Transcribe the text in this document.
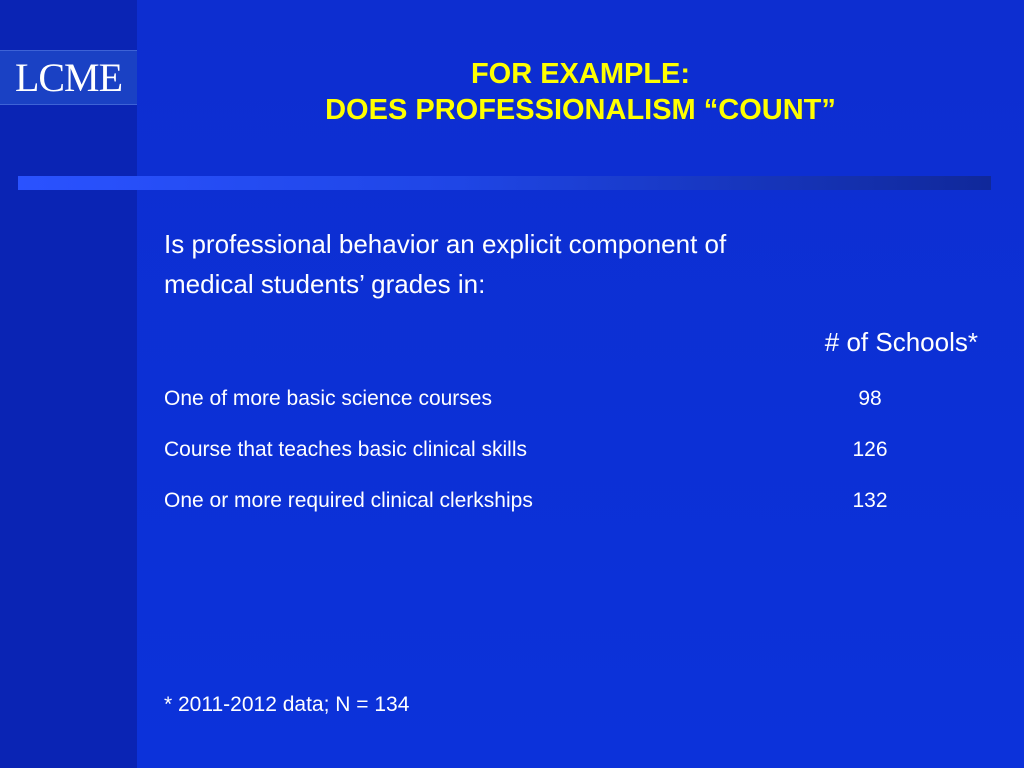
LCME	FOR EXAMPLE:
DOES PROFESSIONALISM “COUNT”
Is professional behavior an explicit component of
medical students’ grades in:
# of Schools*
One of more basic science courses	98
Course that teaches basic clinical skills	126
One or more required clinical clerkships	132
* 2011-2012 data; N = 134
